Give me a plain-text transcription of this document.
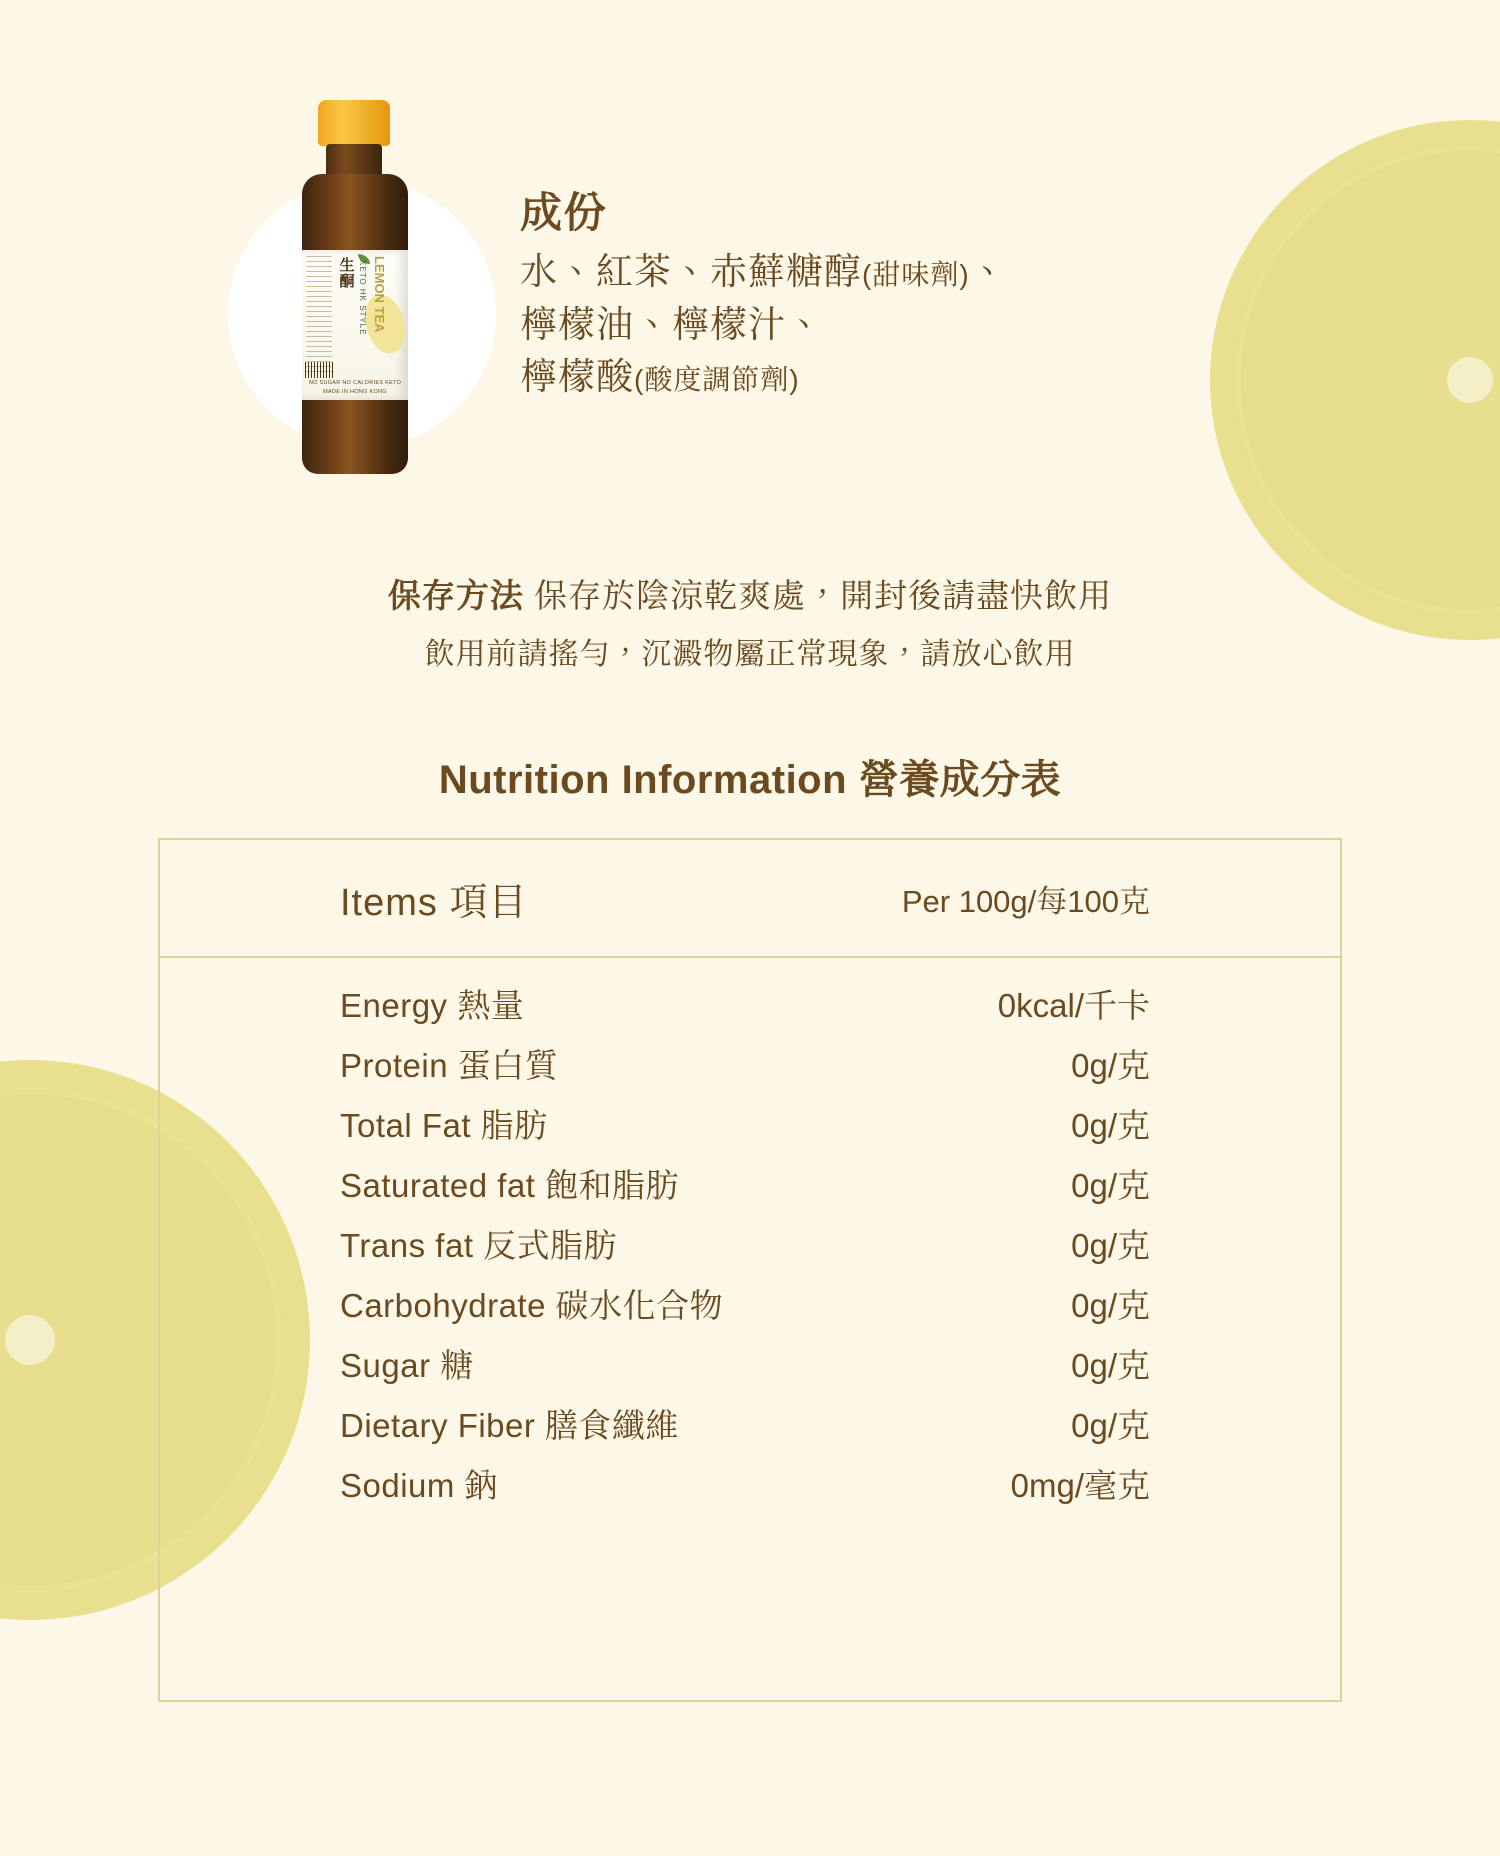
生酮 KETO HK STYLE LEMON TEA
NO SUGAR NO CALORIES KETO
MADE IN HONG KONG
成份
水、紅茶、赤蘚糖醇(甜味劑)、
檸檬油、檸檬汁、
檸檬酸(酸度調節劑)
保存方法 保存於陰涼乾爽處，開封後請盡快飲用
飲用前請搖勻，沉澱物屬正常現象，請放心飲用
Nutrition Information 營養成分表
Items 項目	Per 100g/每100克
Energy 熱量	0kcal/千卡
Protein 蛋白質	0g/克
Total Fat 脂肪	0g/克
Saturated fat 飽和脂肪	0g/克
Trans fat 反式脂肪	0g/克
Carbohydrate 碳水化合物	0g/克
Sugar 糖	0g/克
Dietary Fiber 膳食纖維	0g/克
Sodium 鈉	0mg/毫克
